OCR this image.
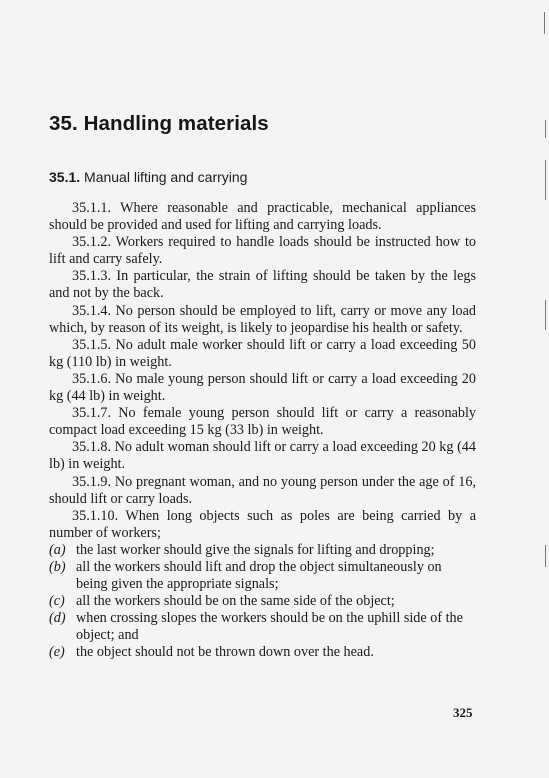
35. Handling materials
35.1. Manual lifting and carrying

35.1.1. Where reasonable and practicable, mechanical appliances should be provided and used for lifting and carrying loads.

35.1.2. Workers required to handle loads should be instructed how to lift and carry safely.

35.1.3. In particular, the strain of lifting should be taken by the legs and not by the back.

35.1.4. No person should be employed to lift, carry or move any load which, by reason of its weight, is likely to jeopardise his health or safety.

35.1.5. No adult male worker should lift or carry a load exceeding 50 kg (110 lb) in weight.

35.1.6. No male young person should lift or carry a load exceeding 20 kg (44 lb) in weight.

35.1.7. No female young person should lift or carry a reasonably compact load exceeding 15 kg (33 lb) in weight.

35.1.8. No adult woman should lift or carry a load exceeding 20 kg (44 lb) in weight.

35.1.9. No pregnant woman, and no young person under the age of 16, should lift or carry loads.

35.1.10. When long objects such as poles are being carried by a number of workers;

(a) the last worker should give the signals for lifting and dropping;
(b) all the workers should lift and drop the object simultaneously on being given the appropriate signals;
(c) all the workers should be on the same side of the object;
(d) when crossing slopes the workers should be on the uphill side of the object; and
(e) the object should not be thrown down over the head.
325
